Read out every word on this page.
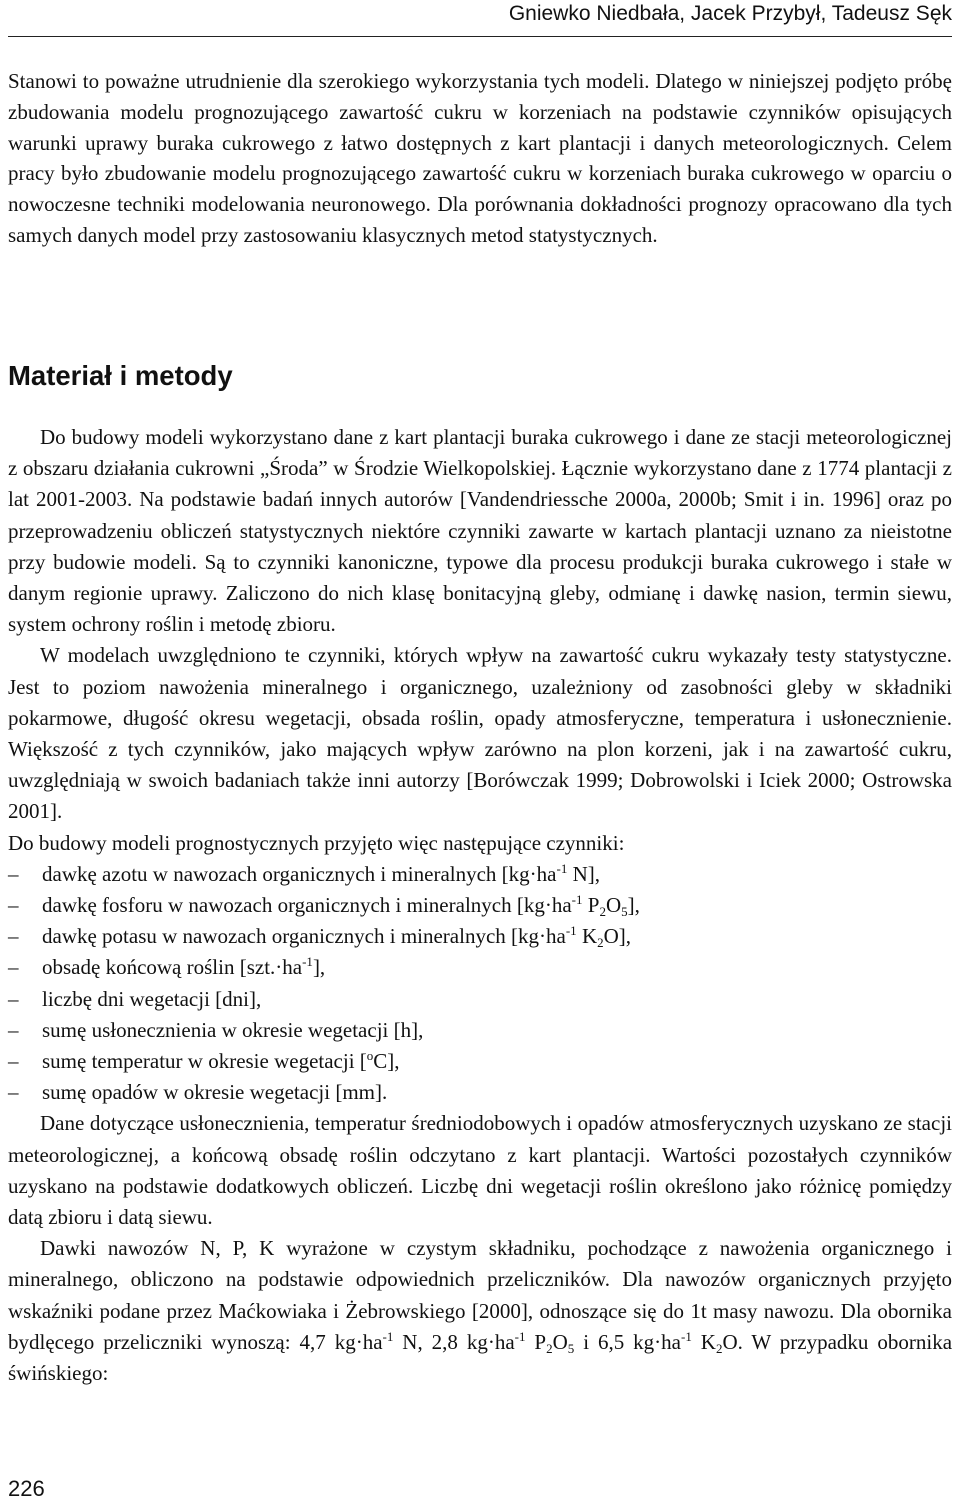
Gniewko Niedbała, Jacek Przybył, Tadeusz Sęk

Stanowi to poważne utrudnienie dla szerokiego wykorzystania tych modeli. Dlatego w niniejszej podjęto próbę zbudowania modelu prognozującego zawartość cukru w korzeniach na podstawie czynników opisujących warunki uprawy buraka cukrowego z łatwo dostępnych z kart plantacji i danych meteorologicznych. Celem pracy było zbudowanie modelu prognozującego zawartość cukru w korzeniach buraka cukrowego w oparciu o nowoczesne techniki modelowania neuronowego. Dla porównania dokładności prognozy opracowano dla tych samych danych model przy zastosowaniu klasycznych metod statystycznych.

Materiał i metody

Do budowy modeli wykorzystano dane z kart plantacji buraka cukrowego i dane ze stacji meteorologicznej z obszaru działania cukrowni „Środa” w Środzie Wielkopolskiej. Łącznie wykorzystano dane z 1774 plantacji z lat 2001-2003. Na podstawie badań innych autorów [Vandendriessche 2000a, 2000b; Smit i in. 1996] oraz po przeprowadzeniu obliczeń statystycznych niektóre czynniki zawarte w kartach plantacji uznano za nieistotne przy budowie modeli. Są to czynniki kanoniczne, typowe dla procesu produkcji buraka cukrowego i stałe w danym regionie uprawy. Zaliczono do nich klasę bonitacyjną gleby, odmianę i dawkę nasion, termin siewu, system ochrony roślin i metodę zbioru.

W modelach uwzględniono te czynniki, których wpływ na zawartość cukru wykazały testy statystyczne. Jest to poziom nawożenia mineralnego i organicznego, uzależniony od zasobności gleby w składniki pokarmowe, długość okresu wegetacji, obsada roślin, opady atmosferyczne, temperatura i usłonecznienie. Większość z tych czynników, jako mających wpływ zarówno na plon korzeni, jak i na zawartość cukru, uwzględniają w swoich badaniach także inni autorzy [Borówczak 1999; Dobrowolski i Iciek 2000; Ostrowska 2001].

Do budowy modeli prognostycznych przyjęto więc następujące czynniki:

– dawkę azotu w nawozach organicznych i mineralnych [$kg\cdot ha^{-1}$ N],
– dawkę fosforu w nawozach organicznych i mineralnych [$kg\cdot ha^{-1}$ $P_2O_5$],
– dawkę potasu w nawozach organicznych i mineralnych [$kg\cdot ha^{-1}$ $K_2O$],
– obsadę końcową roślin $[szt.\cdot ha^{-1}]$,
– liczbę dni wegetacji [dni],
– sumę usłonecznienia w okresie wegetacji [h],
– sumę temperatur w okresie wegetacji [$^o$C],
– sumę opadów w okresie wegetacji [mm].

Dane dotyczące usłonecznienia, temperatur średniodobowych i opadów atmosferycznych uzyskano ze stacji meteorologicznej, a końcową obsadę roślin odczytano z kart plantacji. Wartości pozostałych czynników uzyskano na podstawie dodatkowych obliczeń. Liczbę dni wegetacji roślin określono jako różnicę pomiędzy datą zbioru i datą siewu.

Dawki nawozów N, P, K wyrażone w czystym składniku, pochodzące z nawożenia organicznego i mineralnego, obliczono na podstawie odpowiednich przeliczników. Dla nawozów organicznych przyjęto wskaźniki podane przez Maćkowiaka i Żebrowskiego [2000], odnoszące się do 1t masy nawozu. Dla obornika bydlęcego przeliczniki wynoszą: 4,7 $kg\cdot ha^{-1}$ N, 2,8 $kg\cdot ha^{-1}$ $P_2O_5$ i 6,5 $kg\cdot ha^{-1}$ $K_2O$. W przypadku obornika świńskiego:

226
